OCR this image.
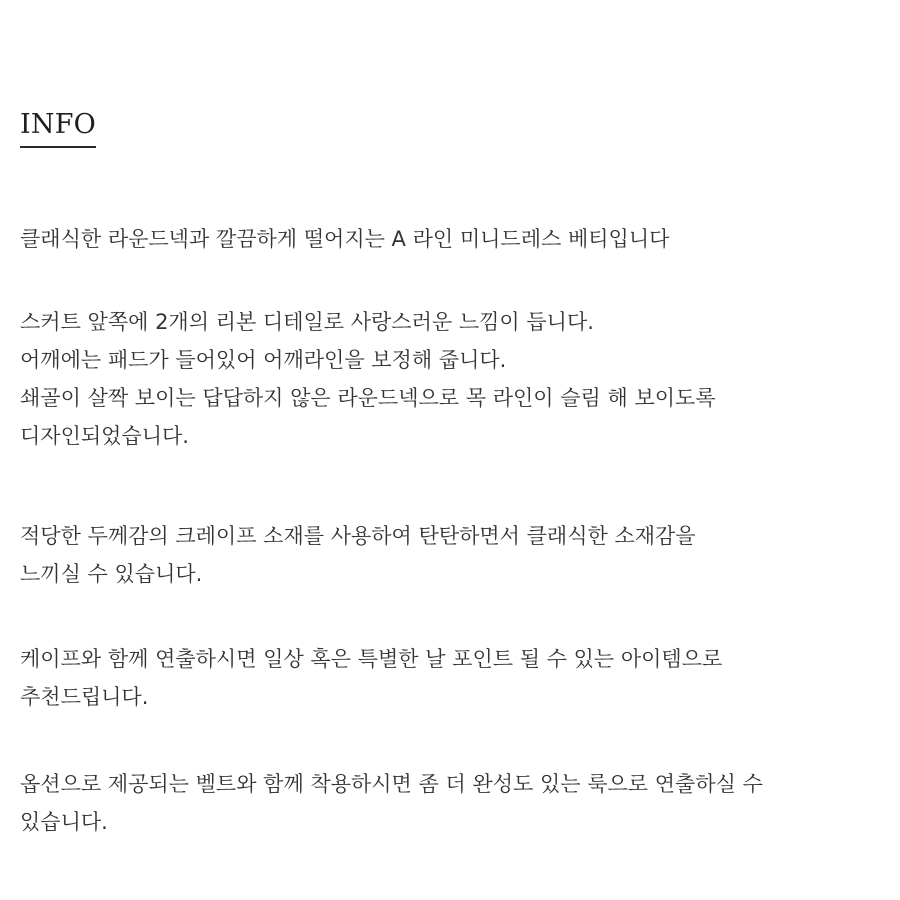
INFO
클래식한 라운드넥과 깔끔하게 떨어지는 A 라인 미니드레스 베티입니다
스커트 앞쪽에 2개의 리본 디테일로 사랑스러운 느낌이 듭니다.
어깨에는 패드가 들어있어 어깨라인을 보정해 줍니다.
쇄골이 살짝 보이는 답답하지 않은 라운드넥으로 목 라인이 슬림 해 보이도록
디자인되었습니다.
적당한 두께감의 크레이프 소재를 사용하여 탄탄하면서 클래식한 소재감을
느끼실 수 있습니다.
케이프와 함께 연출하시면 일상 혹은 특별한 날 포인트 될 수 있는 아이템으로
추천드립니다.
옵션으로 제공되는 벨트와 함께 착용하시면 좀 더 완성도 있는 룩으로 연출하실 수
있습니다.
